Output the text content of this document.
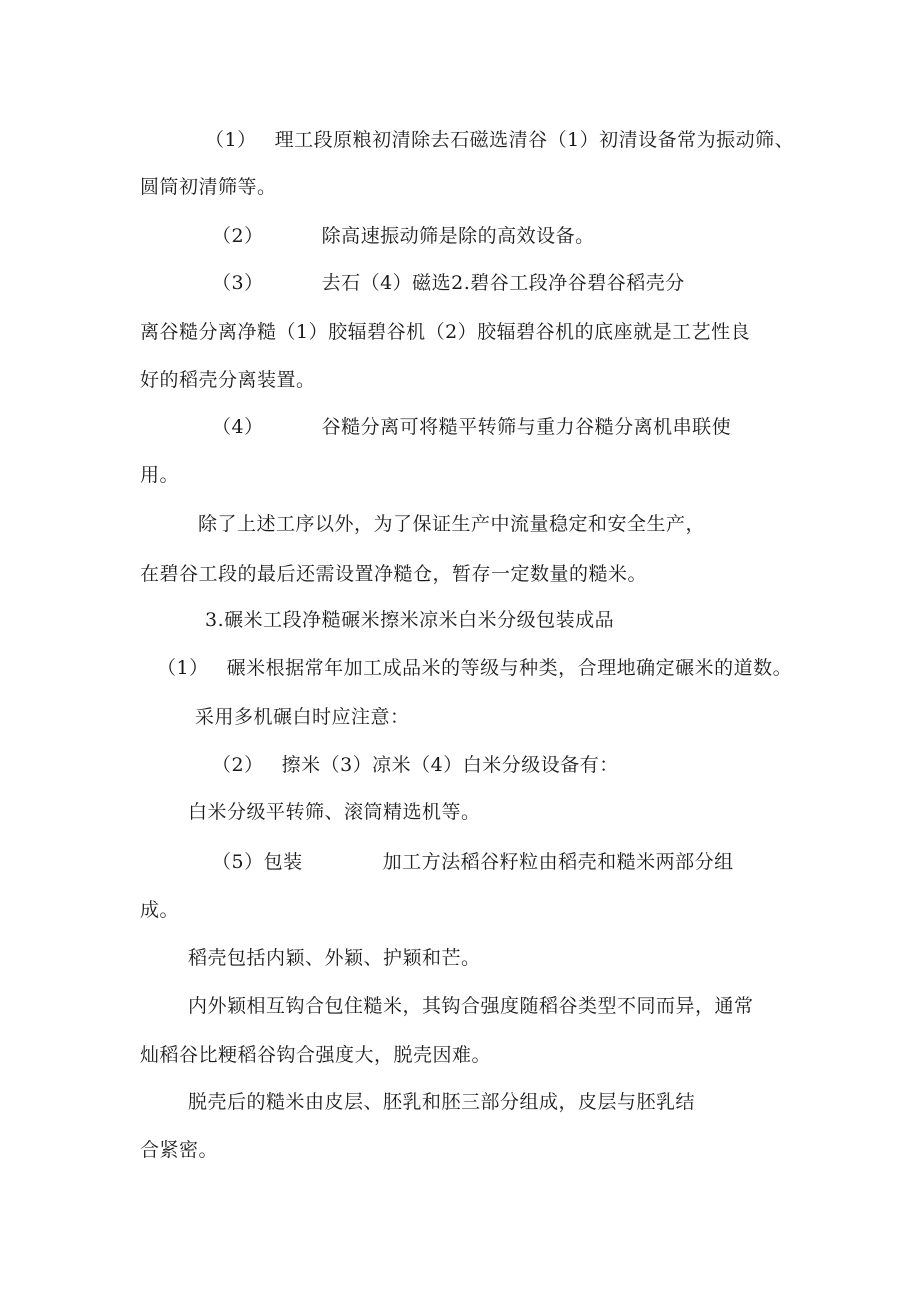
（1） 理工段原粮初清除去石磁选清谷（1）初清设备常为振动筛、
圆筒初清筛等。
（2）	除高速振动筛是除的高效设备。
（3）	去石（4）磁选2.碧谷工段净谷碧谷稻壳分
离谷糙分离净糙（1）胶辐碧谷机（2）胶辐碧谷机的底座就是工艺性良
好的稻壳分离装置。
（4）	谷糙分离可将糙平转筛与重力谷糙分离机串联使
用。
除了上述工序以外，为了保证生产中流量稳定和安全生产，
在碧谷工段的最后还需设置净糙仓，暂存一定数量的糙米。
3.碾米工段净糙碾米擦米凉米白米分级包装成品
（1） 碾米根据常年加工成品米的等级与种类，合理地确定碾米的道数。
采用多机碾白时应注意：
（2） 擦米（3）凉米（4）白米分级设备有：
白米分级平转筛、滚筒精选机等。
（5）包装	加工方法稻谷籽粒由稻壳和糙米两部分组
成。
稻壳包括内颖、外颖、护颖和芒。
内外颖相互钩合包住糙米，其钩合强度随稻谷类型不同而异，通常
灿稻谷比粳稻谷钩合强度大，脱壳因难。
脱壳后的糙米由皮层、胚乳和胚三部分组成，皮层与胚乳结
合紧密。
